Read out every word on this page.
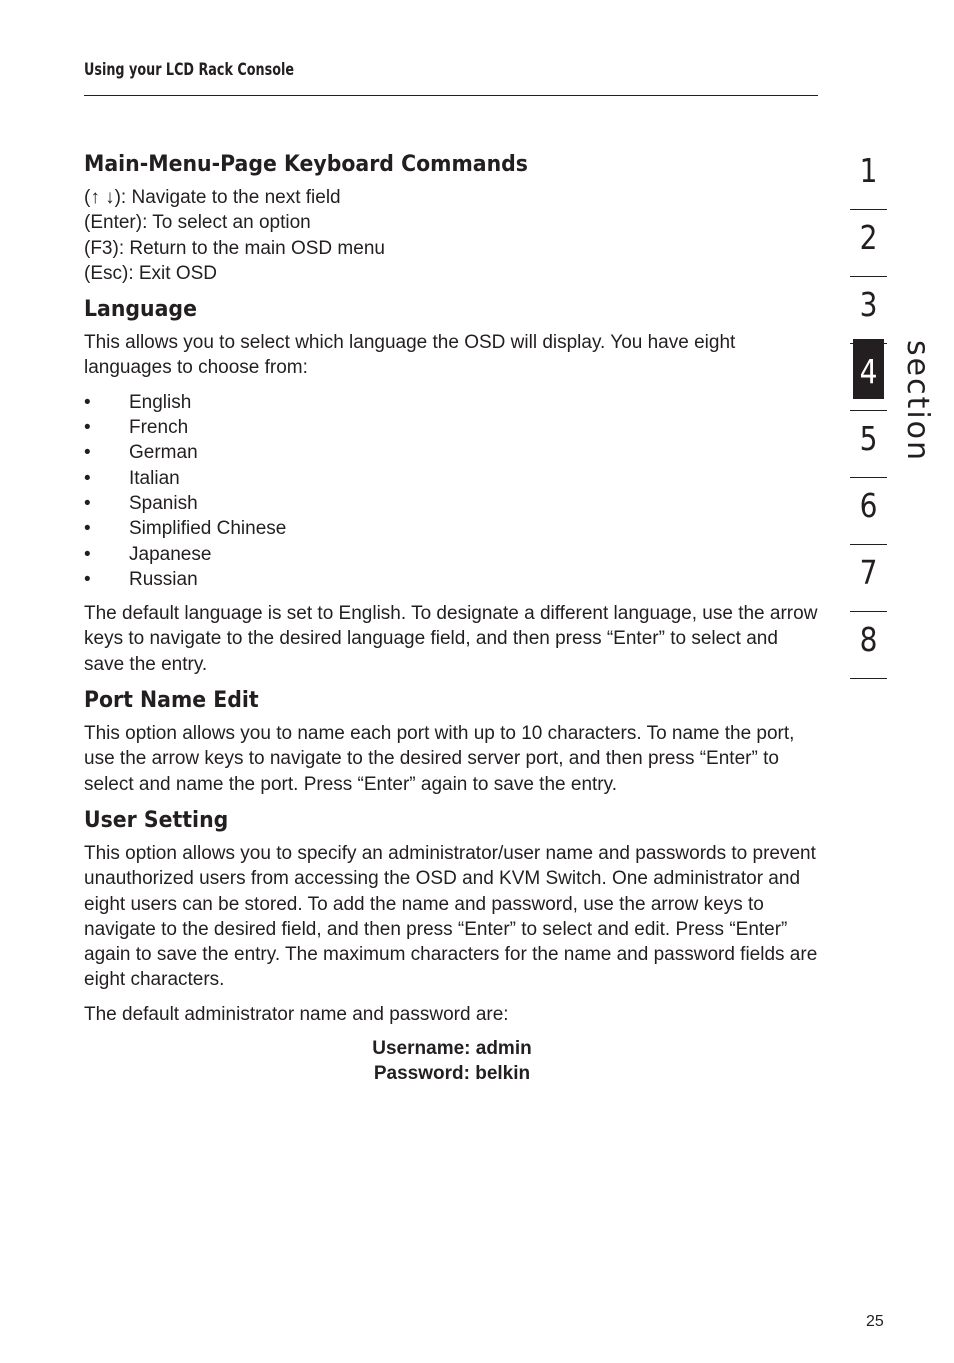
Using your LCD Rack Console
Main-Menu-Page Keyboard Commands

(↑ ↓): Navigate to the next field

(Enter): To select an option

(F3): Return to the main OSD menu

(Esc): Exit OSD

Language

This allows you to select which language the OSD will display. You have eight languages to choose from:

• English
• French
• German
• Italian
• Spanish
• Simplified Chinese
• Japanese
• Russian

The default language is set to English. To designate a different language, use the arrow keys to navigate to the desired language field, and then press “Enter” to select and save the entry.

Port Name Edit

This option allows you to name each port with up to 10 characters. To name the port, use the arrow keys to navigate to the desired server port, and then press “Enter” to select and name the port. Press “Enter” again to save the entry.

User Setting

This option allows you to specify an administrator/user name and passwords to prevent unauthorized users from accessing the OSD and KVM Switch. One administrator and eight users can be stored. To add the name and password, use the arrow keys to navigate to the desired field, and then press “Enter” to select and edit. Press “Enter” again to save the entry. The maximum characters for the name and password fields are eight characters.

The default administrator name and password are:

Username: admin
Password: belkin
1
2
3
4
5
6
7
8
section
25
